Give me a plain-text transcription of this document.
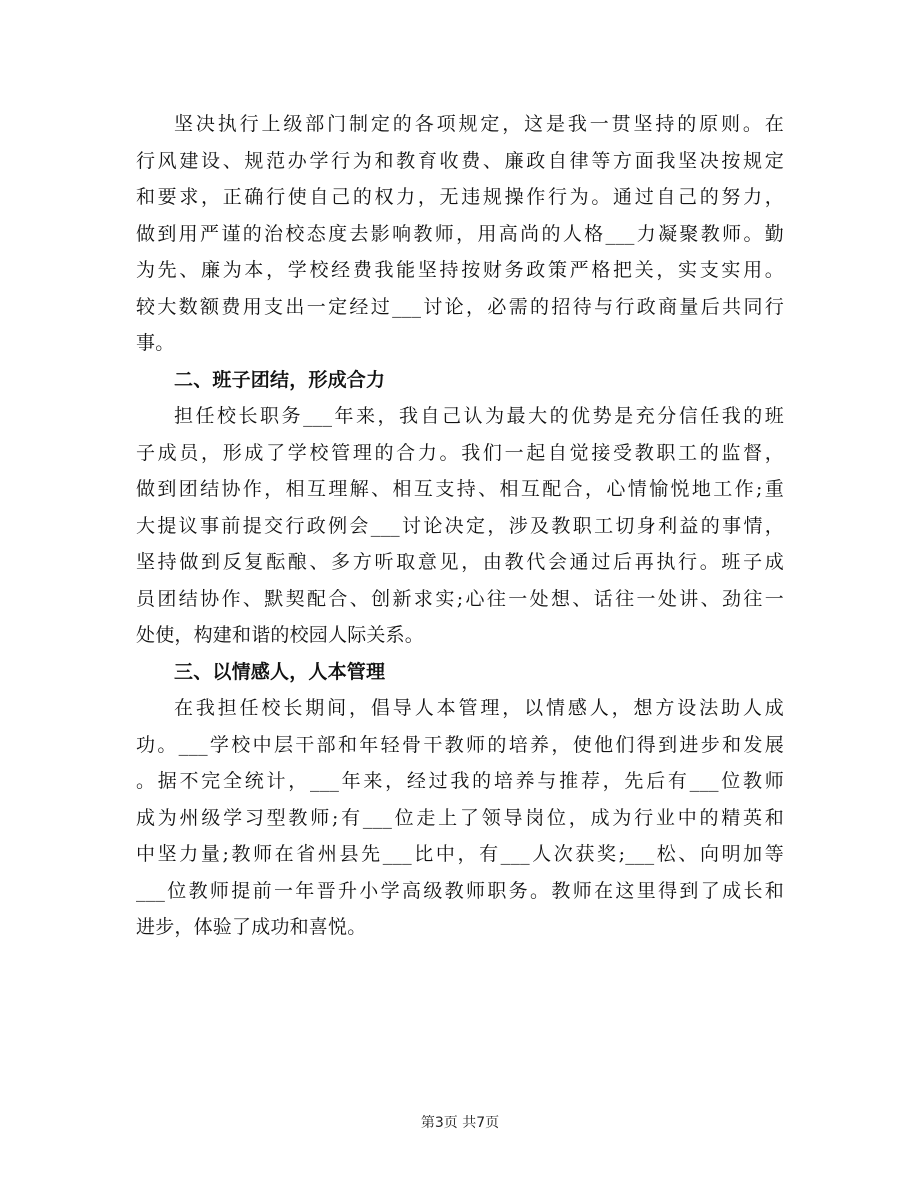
坚决执行上级部门制定的各项规定，这是我一贯坚持的原则。在
行风建设、规范办学行为和教育收费、廉政自律等方面我坚决按规定
和要求，正确行使自己的权力，无违规操作行为。通过自己的努力，
做到用严谨的治校态度去影响教师，用高尚的人格___力凝聚教师。勤
为先、廉为本，学校经费我能坚持按财务政策严格把关，实支实用。
较大数额费用支出一定经过___讨论，必需的招待与行政商量后共同行
事。
二、班子团结，形成合力
担任校长职务___年来，我自己认为最大的优势是充分信任我的班
子成员，形成了学校管理的合力。我们一起自觉接受教职工的监督，
做到团结协作，相互理解、相互支持、相互配合，心情愉悦地工作;重
大提议事前提交行政例会___讨论决定，涉及教职工切身利益的事情，
坚持做到反复酝酿、多方听取意见，由教代会通过后再执行。班子成
员团结协作、默契配合、创新求实;心往一处想、话往一处讲、劲往一
处使，构建和谐的校园人际关系。
三、以情感人，人本管理
在我担任校长期间，倡导人本管理，以情感人，想方设法助人成
功。___学校中层干部和年轻骨干教师的培养，使他们得到进步和发展
。据不完全统计，___年来，经过我的培养与推荐，先后有___位教师
成为州级学习型教师;有___位走上了领导岗位，成为行业中的精英和
中坚力量;教师在省州县先___比中，有___人次获奖;___松、向明加等
___位教师提前一年晋升小学高级教师职务。教师在这里得到了成长和
进步，体验了成功和喜悦。
第3页 共7页
